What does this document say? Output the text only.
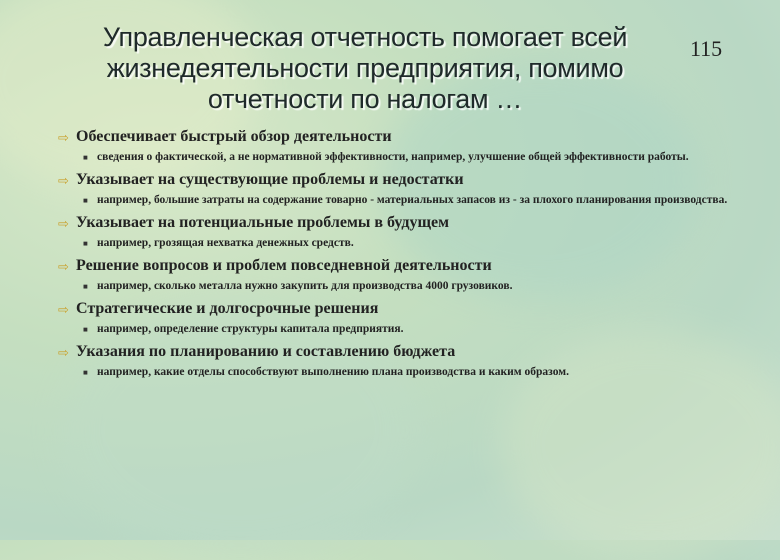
Управленческая отчетность помогает всей жизнедеятельности предприятия, помимо отчетности по налогам …
115
⇨ Обеспечивает быстрый обзор деятельности
■ сведения о фактической, а не нормативной эффективности, например, улучшение общей эффективности работы.
⇨ Указывает на существующие проблемы и недостатки
■ например, большие затраты на содержание товарно - материальных запасов из - за плохого планирования производства.
⇨ Указывает на потенциальные проблемы в будущем
■ например, грозящая нехватка денежных средств.
⇨ Решение вопросов и проблем повседневной деятельности
■ например, сколько металла нужно закупить для производства 4000 грузовиков.
⇨ Стратегические и долгосрочные решения
■ например, определение структуры капитала предприятия.
⇨ Указания по планированию и составлению бюджета
■ например, какие отделы способствуют выполнению плана производства и каким образом.
